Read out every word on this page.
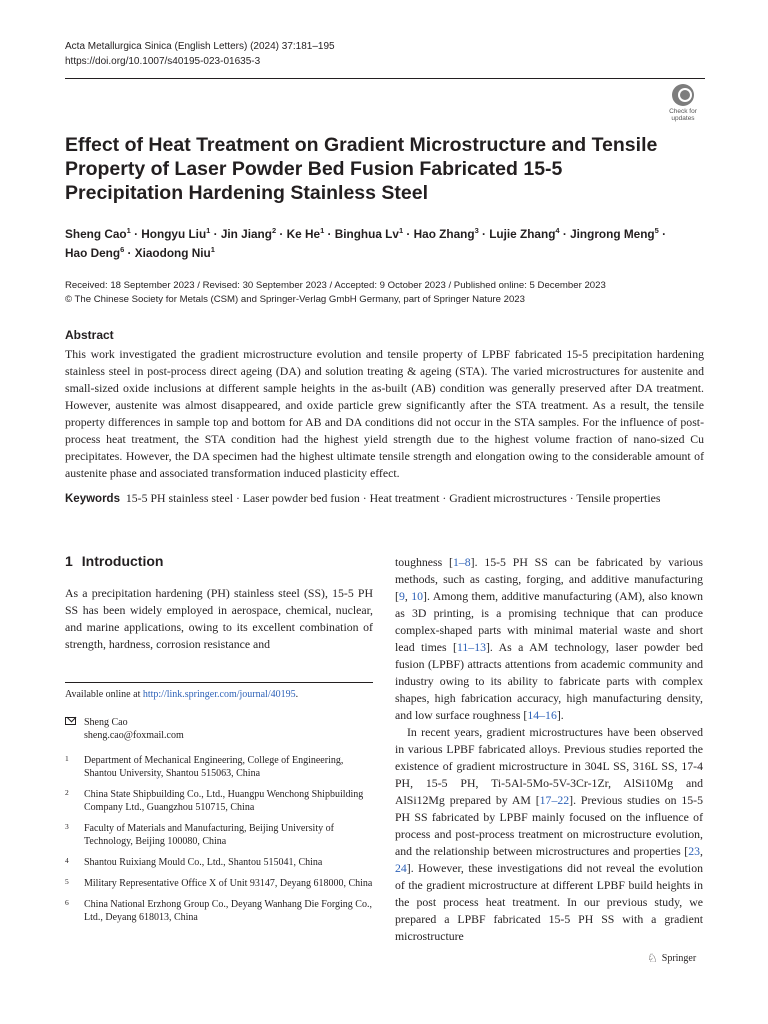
Acta Metallurgica Sinica (English Letters) (2024) 37:181–195
https://doi.org/10.1007/s40195-023-01635-3
Check for
updates
Effect of Heat Treatment on Gradient Microstructure and Tensile Property of Laser Powder Bed Fusion Fabricated 15-5 Precipitation Hardening Stainless Steel
Sheng Cao$^1$ · Hongyu Liu$^1$ · Jin Jiang$^2$ · Ke $He^1$ · Binghua $Lv^1$ · Hao Zhang$^3$ · Lujie Zhang$^4$ · Jingrong Meng$^5$ ·
Hao Deng$^6$ · Xiaodong Niu$^1$
Received: 18 September 2023 / Revised: 30 September 2023 / Accepted: 9 October 2023 / Published online: 5 December 2023
© The Chinese Society for Metals (CSM) and Springer-Verlag GmbH Germany, part of Springer Nature 2023
Abstract

This work investigated the gradient microstructure evolution and tensile property of LPBF fabricated 15-5 precipitation hardening stainless steel in post-process direct ageing (DA) and solution treating & ageing (STA). The varied microstructures for austenite and small-sized oxide inclusions at different sample heights in the as-built (AB) condition was generally preserved after DA treatment. However, austenite was almost disappeared, and oxide particle grew significantly after the STA treatment. As a result, the tensile property differences in sample top and bottom for AB and DA conditions did not occur in the STA samples. For the influence of post-process heat treatment, the STA condition had the highest yield strength due to the highest volume fraction of nano-sized Cu precipitates. However, the DA specimen had the highest ultimate tensile strength and elongation owing to the considerable amount of austenite phase and associated transformation induced plasticity effect.

Keywords 15-5 PH stainless steel · Laser powder bed fusion · Heat treatment · Gradient microstructures · Tensile properties

1 Introduction

As a precipitation hardening (PH) stainless steel (SS), 15-5 PH SS has been widely employed in aerospace, chemical, nuclear, and marine applications, owing to its excellent combination of strength, hardness, corrosion resistance and

Available online at http://link.springer.com/journal/40195.
Sheng Cao
sheng.cao@foxmail.com
1 Department of Mechanical Engineering, College of Engineering, Shantou University, Shantou 515063, China
2 China State Shipbuilding Co., Ltd., Huangpu Wenchong Shipbuilding Company Ltd., Guangzhou 510715, China
3 Faculty of Materials and Manufacturing, Beijing University of Technology, Beijing 100080, China
4 Shantou Ruixiang Mould Co., Ltd., Shantou 515041, China
5 Military Representative Office X of Unit 93147, Deyang 618000, China
6 China National Erzhong Group Co., Deyang Wanhang Die Forging Co., Ltd., Deyang 618013, China

toughness [1–8]. 15-5 PH SS can be fabricated by various methods, such as casting, forging, and additive manufacturing [9, 10]. Among them, additive manufacturing (AM), also known as 3D printing, is a promising technique that can produce complex-shaped parts with minimal material waste and short lead times [11–13]. As a AM technology, laser powder bed fusion (LPBF) attracts attentions from academic community and industry owing to its ability to fabricate parts with complex shapes, high fabrication accuracy, high manufacturing density, and low surface roughness [14–16].

In recent years, gradient microstructures have been observed in various LPBF fabricated alloys. Previous studies reported the existence of gradient microstructure in 304L SS, 316L SS, 17-4 PH, 15-5 PH, Ti-5Al-5Mo-5V-3Cr-1Zr, AlSi10Mg and AlSi12Mg prepared by AM [17–22]. Previous studies on 15-5 PH SS fabricated by LPBF mainly focused on the influence of process and post-process treatment on microstructure evolution, and the relationship between microstructures and properties [23, 24]. However, these investigations did not reveal the evolution of the gradient microstructure at different LPBF build heights in the post process heat treatment. In our previous study, we prepared a LPBF fabricated 15-5 PH SS with a gradient microstructure

♘ Springer
